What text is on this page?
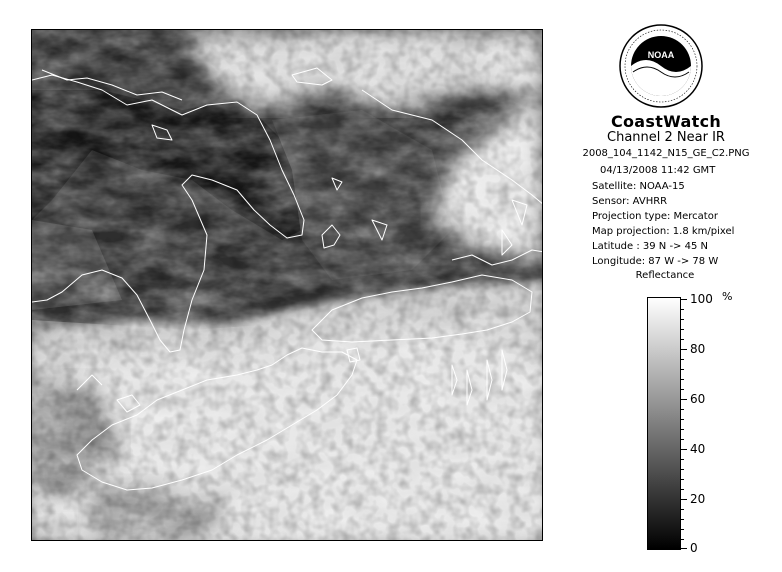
NOAA
CoastWatch
Channel 2 Near IR
2008_104_1142_N15_GE_C2.PNG
04/13/2008 11:42 GMT
Satellite: NOAA-15
Sensor: AVHRR
Projection type: Mercator
Map projection: 1.8 km/pixel
Latitude : 39 N -> 45 N
Longitude: 87 W -> 78 W
Reflectance
%
100
80
60
40
20
0
